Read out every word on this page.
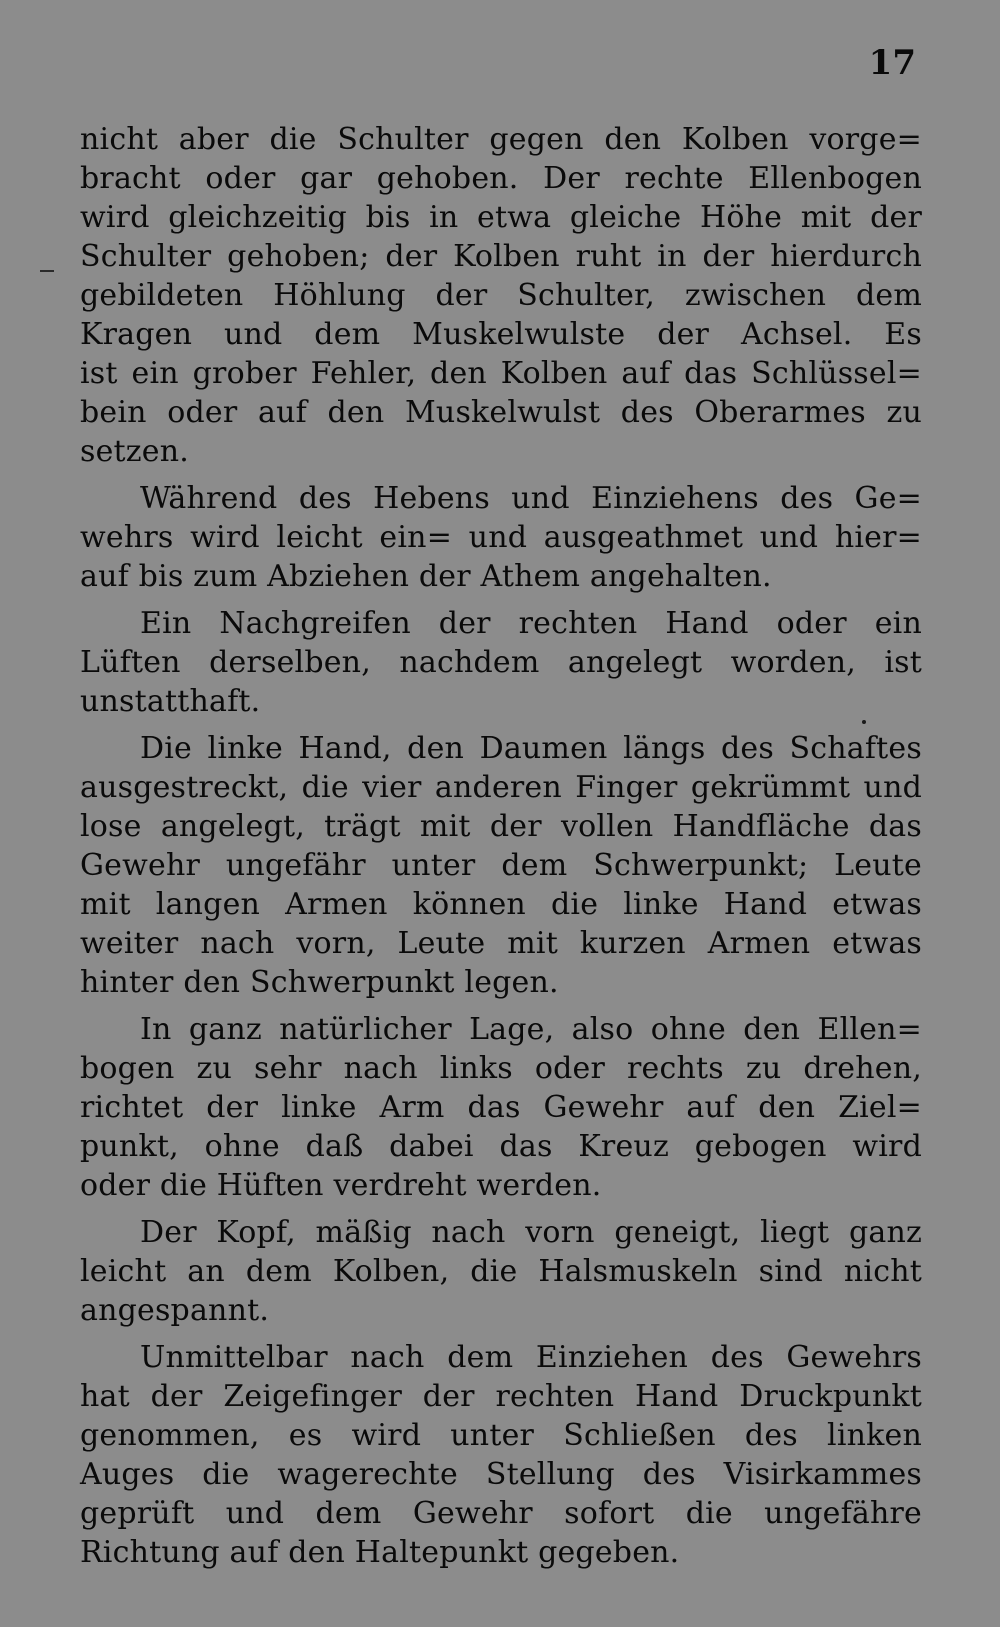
17
nicht aber die Schulter gegen den Kolben vorge=
bracht oder gar gehoben. Der rechte Ellenbogen
wird gleichzeitig bis in etwa gleiche Höhe mit der
Schulter gehoben; der Kolben ruht in der hierdurch
gebildeten Höhlung der Schulter, zwischen dem
Kragen und dem Muskelwulste der Achsel. Es
ist ein grober Fehler, den Kolben auf das Schlüssel=
bein oder auf den Muskelwulst des Oberarmes zu
setzen.
Während des Hebens und Einziehens des Ge=
wehrs wird leicht ein= und ausgeathmet und hier=
auf bis zum Abziehen der Athem angehalten.
Ein Nachgreifen der rechten Hand oder ein
Lüften derselben, nachdem angelegt worden, ist
unstatthaft.
Die linke Hand, den Daumen längs des Schaftes
ausgestreckt, die vier anderen Finger gekrümmt und
lose angelegt, trägt mit der vollen Handfläche das
Gewehr ungefähr unter dem Schwerpunkt; Leute
mit langen Armen können die linke Hand etwas
weiter nach vorn, Leute mit kurzen Armen etwas
hinter den Schwerpunkt legen.
In ganz natürlicher Lage, also ohne den Ellen=
bogen zu sehr nach links oder rechts zu drehen,
richtet der linke Arm das Gewehr auf den Ziel=
punkt, ohne daß dabei das Kreuz gebogen wird
oder die Hüften verdreht werden.
Der Kopf, mäßig nach vorn geneigt, liegt ganz
leicht an dem Kolben, die Halsmuskeln sind nicht
angespannt.
Unmittelbar nach dem Einziehen des Gewehrs
hat der Zeigefinger der rechten Hand Druckpunkt
genommen, es wird unter Schließen des linken
Auges die wagerechte Stellung des Visirkammes
geprüft und dem Gewehr sofort die ungefähre
Richtung auf den Haltepunkt gegeben.
